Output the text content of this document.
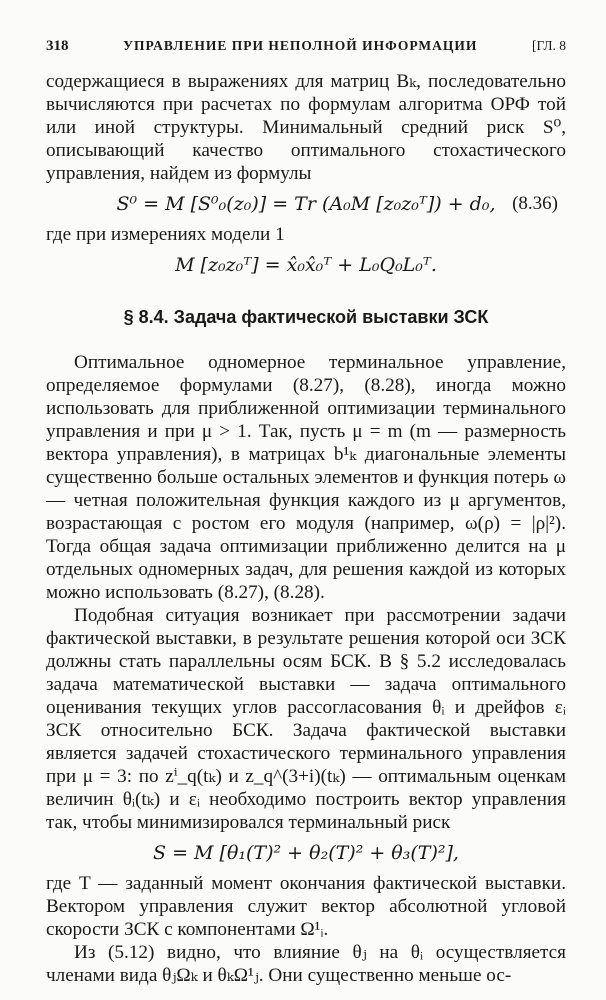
318	УПРАВЛЕНИЕ ПРИ НЕПОЛНОЙ ИНФОРМАЦИИ	[ГЛ. 8

содержащиеся в выражениях для матриц Bₖ, последовательно вычисляются при расчетах по формулам алгоритма ОРФ той или иной структуры. Минимальный средний риск S⁰, описывающий качество оптимального стохастического управления, найдем из формулы

S⁰ = M [S⁰₀(z₀)] = Tr (A₀M [z₀z₀ᵀ]) + d₀, (8.36)

где при измерениях модели 1

M [z₀z₀ᵀ] = x̂₀x̂₀ᵀ + L₀Q₀L₀ᵀ.
§ 8.4. Задача фактической выставки ЗСК

Оптимальное одномерное терминальное управление, определяемое формулами (8.27), (8.28), иногда можно использовать для приближенной оптимизации терминального управления и при μ > 1. Так, пусть μ = m (m — размерность вектора управления), в матрицах b¹ₖ диагональные элементы существенно больше остальных элементов и функция потерь ω — четная положительная функция каждого из μ аргументов, возрастающая с ростом его модуля (например, ω(ρ) = |ρ|²). Тогда общая задача оптимизации приближенно делится на μ отдельных одномерных задач, для решения каждой из которых можно использовать (8.27), (8.28).

Подобная ситуация возникает при рассмотрении задачи фактической выставки, в результате решения которой оси ЗСК должны стать параллельны осям БСК. В § 5.2 исследовалась задача математической выставки — задача оптимального оценивания текущих углов рассогласования θᵢ и дрейфов εᵢ ЗСК относительно БСК. Задача фактической выставки является задачей стохастического терминального управления при μ = 3: по zⁱ_q(tₖ) и z_q^(3+i)(tₖ) — оптимальным оценкам величин θᵢ(tₖ) и εᵢ необходимо построить вектор управления так, чтобы минимизировался терминальный риск

S = M [θ₁(T)² + θ₂(T)² + θ₃(T)²],

где T — заданный момент окончания фактической выставки. Вектором управления служит вектор абсолютной угловой скорости ЗСК с компонентами Ω¹ᵢ.

Из (5.12) видно, что влияние θⱼ на θᵢ осуществляется членами вида θⱼΩₖ и θₖΩ¹ⱼ. Они существенно меньше ос-
